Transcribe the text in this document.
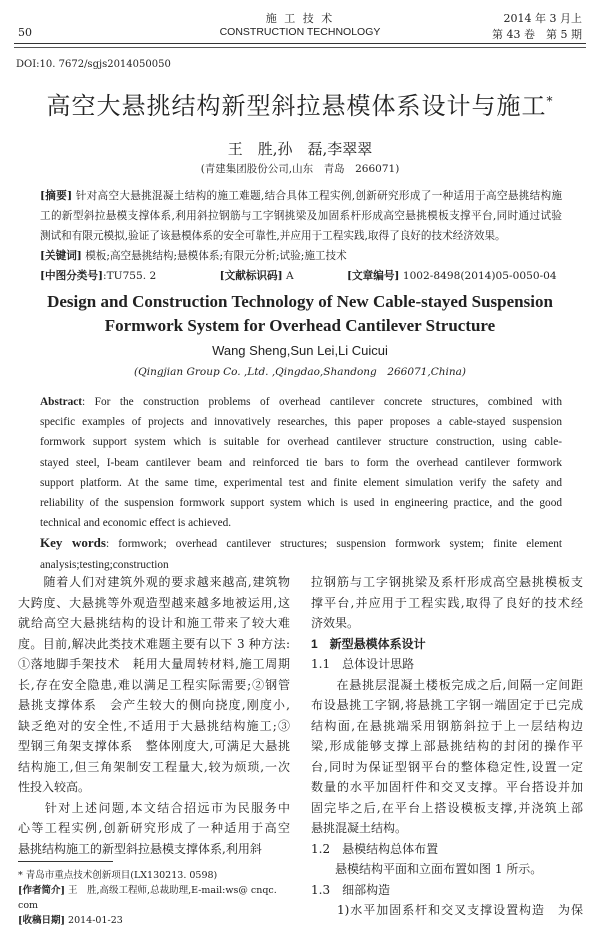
50
施 工 技 术
CONSTRUCTION TECHNOLOGY
2014 年 3 月上
第 43 卷　第 5 期
DOI:10. 7672/sgjs2014050050
高空大悬挑结构新型斜拉悬模体系设计与施工*
王　胜,孙　磊,李翠翠
(青建集团股份公司,山东　青岛　266071)
[摘要] 针对高空大悬挑混凝土结构的施工难题,结合具体工程实例,创新研究形成了一种适用于高空悬挑结构施
工的新型斜拉悬模支撑体系,利用斜拉钢筋与工字钢挑梁及加固系杆形成高空悬挑模板支撑平台,同时通过试验
测试和有限元模拟,验证了该悬模体系的安全可靠性,并应用于工程实践,取得了良好的技术经济效果。
[关键词] 模板;高空悬挑结构;悬模体系;有限元分析;试验;施工技术
[中图分类号]:TU755. 2	[文献标识码] A	[文章编号] 1002-8498(2014)05-0050-04
Design and Construction Technology of New Cable-stayed Suspension
Formwork System for Overhead Cantilever Structure
Wang Sheng,Sun Lei,Li Cuicui
(Qingjian Group Co. ,Ltd. ,Qingdao,Shandong　266071,China)
Abstract: For the construction problems of overhead cantilever concrete structures, combined with
specific examples of projects and innovatively researches, this paper proposes a cable-stayed suspension
formwork support system which is suitable for overhead cantilever structure construction, using cable-
stayed steel, I-beam cantilever beam and reinforced tie bars to form the overhead cantilever formwork
support platform. At the same time, experimental test and finite element simulation verify the safety and
reliability of the suspension formwork support system which is used in engineering practice, and the good
technical and economic effect is achieved.
Key words: formwork; overhead cantilever structures; suspension formwork system; finite element
analysis;testing;construction
　　随着人们对建筑外观的要求越来越高,建筑物
大跨度、大悬挑等外观造型越来越多地被运用,这
就给高空大悬挑结构的设计和施工带来了较大难
度。目前,解决此类技术难题主要有以下 3 种方法:
①落地脚手架技术　耗用大量周转材料,施工周期
长,存在安全隐患,难以满足工程实际需要;②钢管
悬挑支撑体系　会产生较大的侧向挠度,刚度小,
缺乏绝对的安全性,不适用于大悬挑结构施工;③
型钢三角架支撑体系　整体刚度大,可满足大悬挑
结构施工,但三角架制安工程量大,较为烦琐,一次
性投入较高。
　　针对上述问题,本文结合招远市为民服务中
心等工程实例,创新研究形成了一种适用于高空
悬挑结构施工的新型斜拉悬模支撑体系,利用斜
拉钢筋与工字钢挑梁及系杆形成高空悬挑模板支
撑平台,并应用于工程实践,取得了良好的技术经
济效果。
1　新型悬模体系设计
1.1　总体设计思路
　　在悬挑层混凝土楼板完成之后,间隔一定间距
布设悬挑工字钢,将悬挑工字钢一端固定于已完成
结构面,在悬挑端采用钢筋斜拉于上一层结构边
梁,形成能够支撑上部悬挑结构的封闭的操作平
台,同时为保证型钢平台的整体稳定性,设置一定
数量的水平加固杆件和交叉支撑。平台搭设并加
固完毕之后,在平台上搭设模板支撑,并浇筑上部
悬挑混凝土结构。
1.2　悬模结构总体布置
　　悬模结构平面和立面布置如图 1 所示。
1.3　细部构造
　　1)水平加固系杆和交叉支撑设置构造　为保
* 青岛市重点技术创新项目(LX130213. 0598)
[作者简介] 王　胜,高级工程师,总裁助理,E-mail:ws@ cnqc. com
[收稿日期] 2014-01-23
